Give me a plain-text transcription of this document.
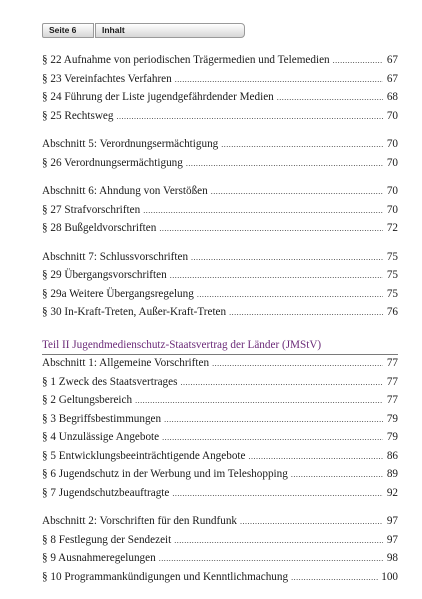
Seite 6	Inhalt
§ 22 Aufnahme von periodischen Trägermedien und Telemedien .....	67
§ 23 Vereinfachtes Verfahren .....	67
§ 24 Führung der Liste jugendgefährdender Medien .....	68
§ 25 Rechtsweg .....	70
Abschnitt 5: Verordnungsermächtigung .....	70
§ 26 Verordnungsermächtigung .....	70
Abschnitt 6: Ahndung von Verstößen .....	70
§ 27 Strafvorschriften .....	70
§ 28 Bußgeldvorschriften .....	72
Abschnitt 7: Schlussvorschriften .....	75
§ 29 Übergangsvorschriften .....	75
§ 29a Weitere Übergangsregelung .....	75
§ 30 In-Kraft-Treten, Außer-Kraft-Treten .....	76
Teil II Jugendmedienschutz-Staatsvertrag der Länder (JMStV)
Abschnitt 1: Allgemeine Vorschriften .....	77
§ 1 Zweck des Staatsvertrages .....	77
§ 2 Geltungsbereich .....	77
§ 3 Begriffsbestimmungen .....	79
§ 4 Unzulässige Angebote .....	79
§ 5 Entwicklungsbeeinträchtigende Angebote .....	86
§ 6 Jugendschutz in der Werbung und im Teleshopping .....	89
§ 7 Jugendschutzbeauftragte .....	92
Abschnitt 2: Vorschriften für den Rundfunk .....	97
§ 8 Festlegung der Sendezeit .....	97
§ 9 Ausnahmeregelungen .....	98
§ 10 Programmankündigungen und Kenntlichmachung .....	100
